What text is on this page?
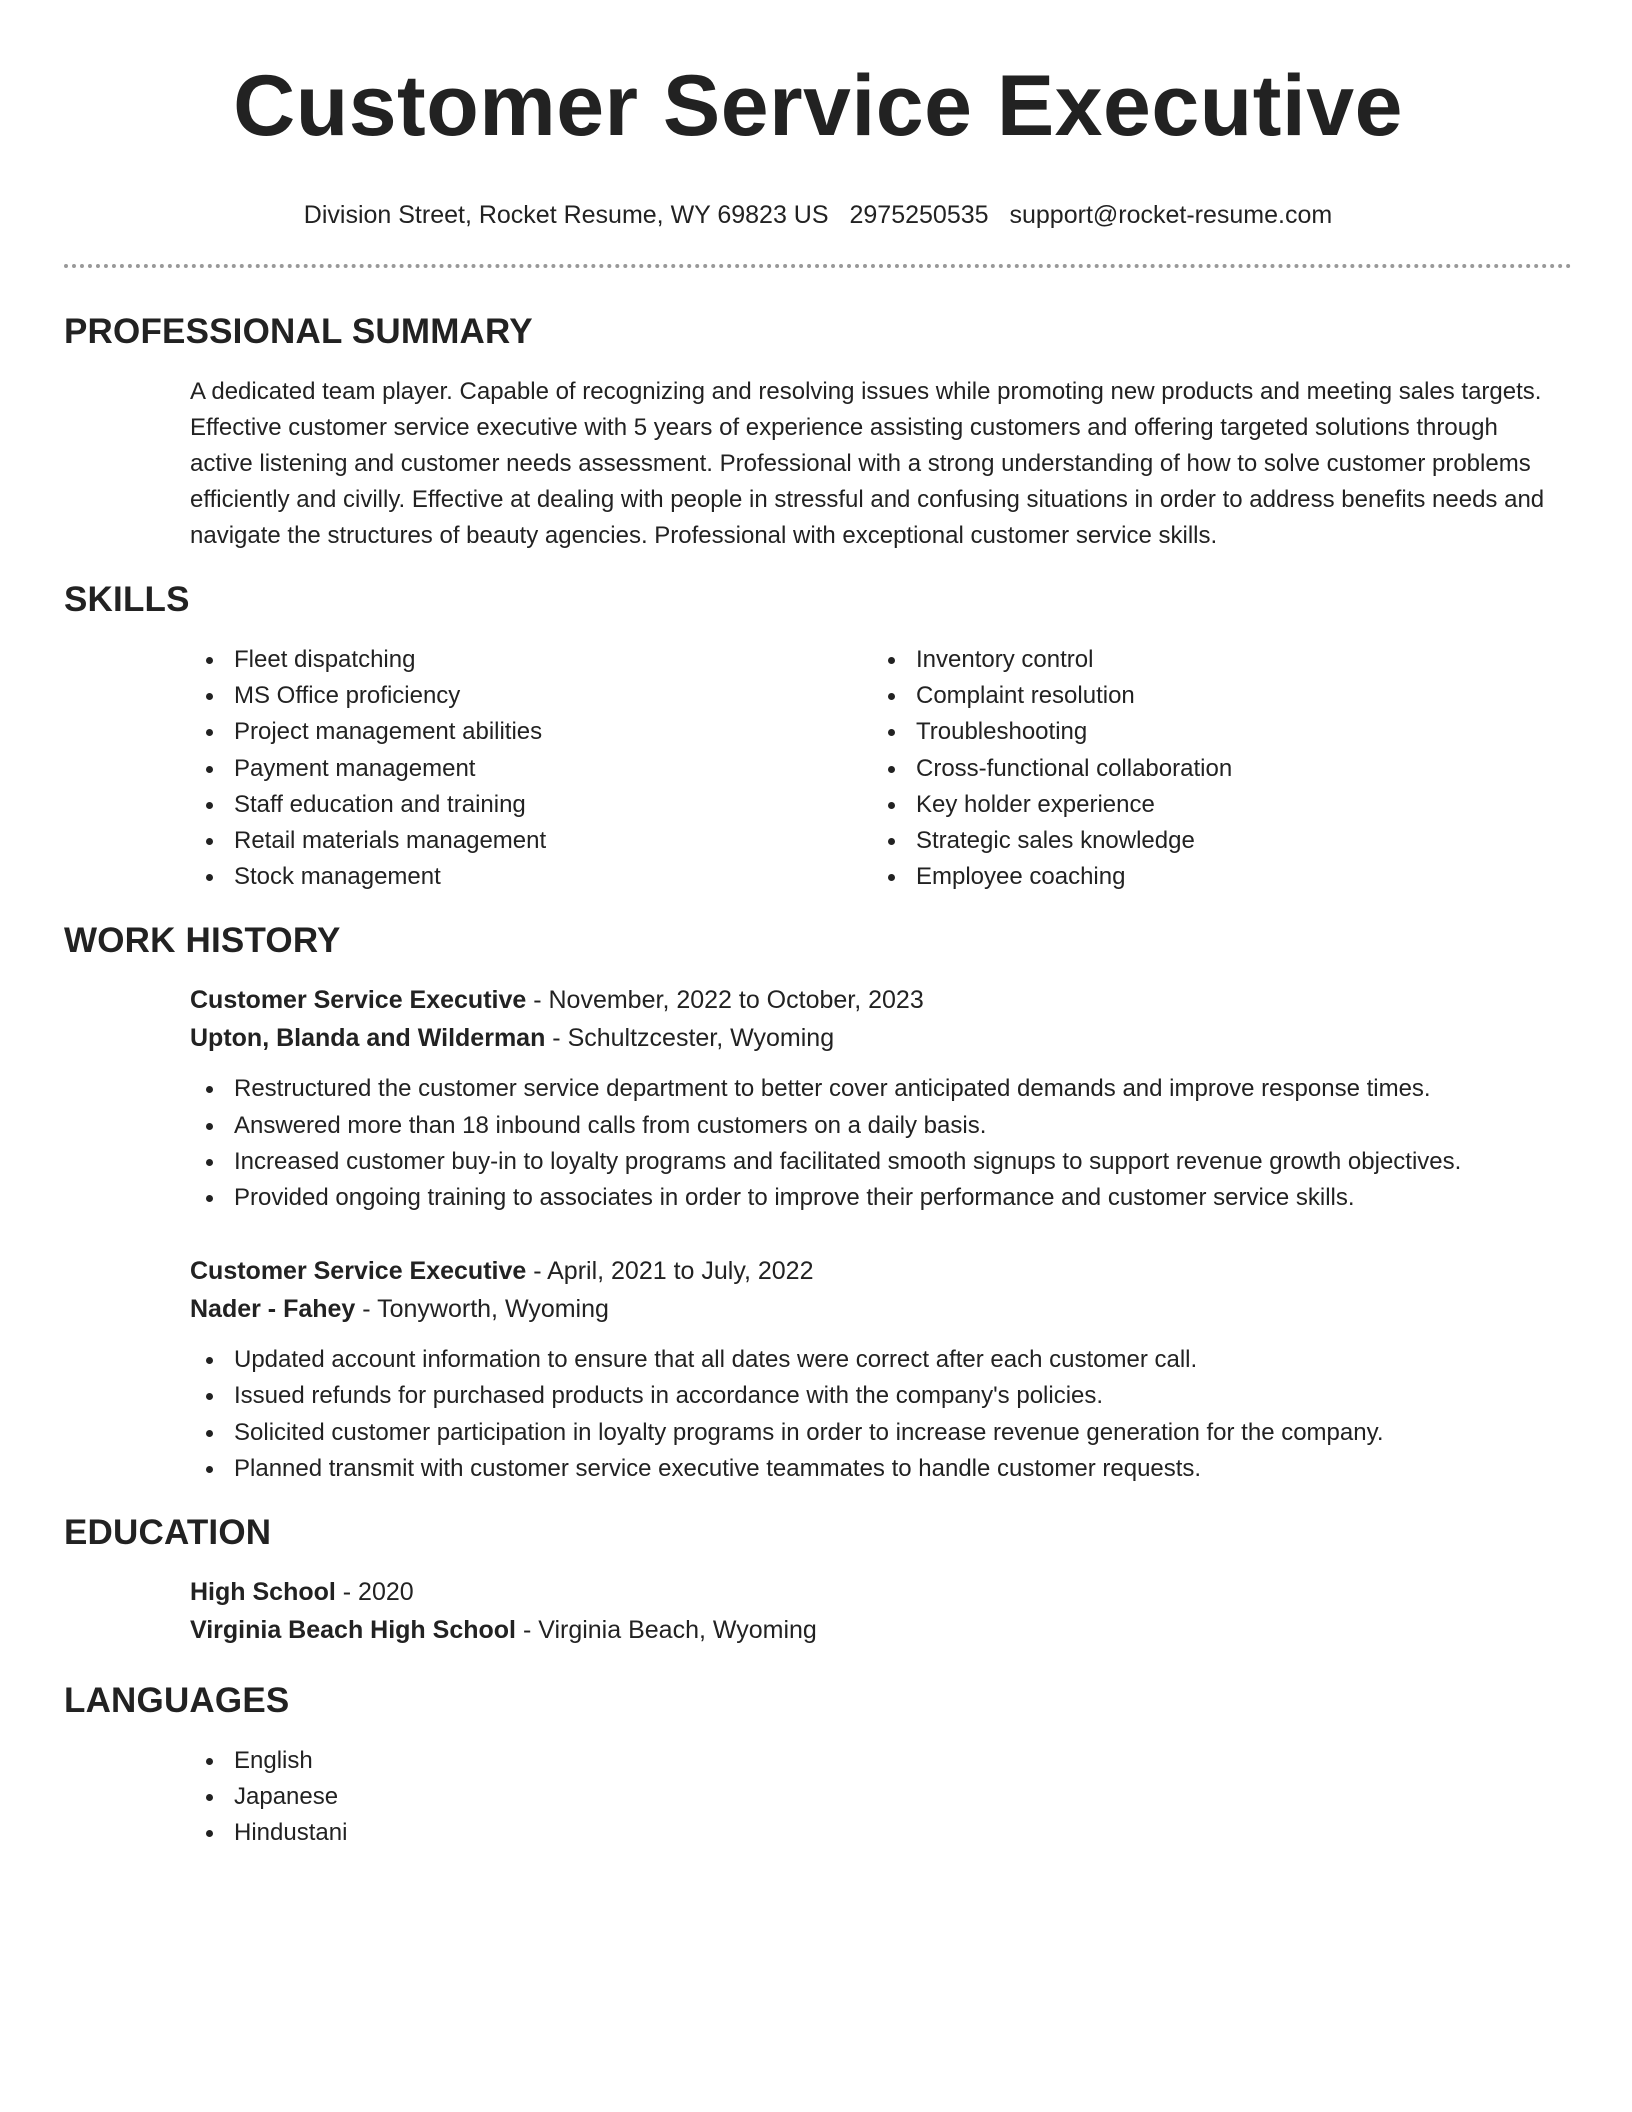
Customer Service Executive
Division Street, Rocket Resume, WY 69823 US 2975250535 support@rocket-resume.com
PROFESSIONAL SUMMARY

A dedicated team player. Capable of recognizing and resolving issues while promoting new products and meeting sales targets. Effective customer service executive with 5 years of experience assisting customers and offering targeted solutions through active listening and customer needs assessment. Professional with a strong understanding of how to solve customer problems efficiently and civilly. Effective at dealing with people in stressful and confusing situations in order to address benefits needs and navigate the structures of beauty agencies. Professional with exceptional customer service skills.

SKILLS
Fleet dispatching
MS Office proficiency
Project management abilities
Payment management
Staff education and training
Retail materials management
Stock management
Inventory control
Complaint resolution
Troubleshooting
Cross-functional collaboration
Key holder experience
Strategic sales knowledge
Employee coaching
WORK HISTORY
Customer Service Executive - November, 2022 to October, 2023
Upton, Blanda and Wilderman - Schultzcester, Wyoming
Restructured the customer service department to better cover anticipated demands and improve response times.
Answered more than 18 inbound calls from customers on a daily basis.
Increased customer buy-in to loyalty programs and facilitated smooth signups to support revenue growth objectives.
Provided ongoing training to associates in order to improve their performance and customer service skills.
Customer Service Executive - April, 2021 to July, 2022
Nader - Fahey - Tonyworth, Wyoming
Updated account information to ensure that all dates were correct after each customer call.
Issued refunds for purchased products in accordance with the company's policies.
Solicited customer participation in loyalty programs in order to increase revenue generation for the company.
Planned transmit with customer service executive teammates to handle customer requests.
EDUCATION
High School - 2020
Virginia Beach High School - Virginia Beach, Wyoming
LANGUAGES
English
Japanese
Hindustani
